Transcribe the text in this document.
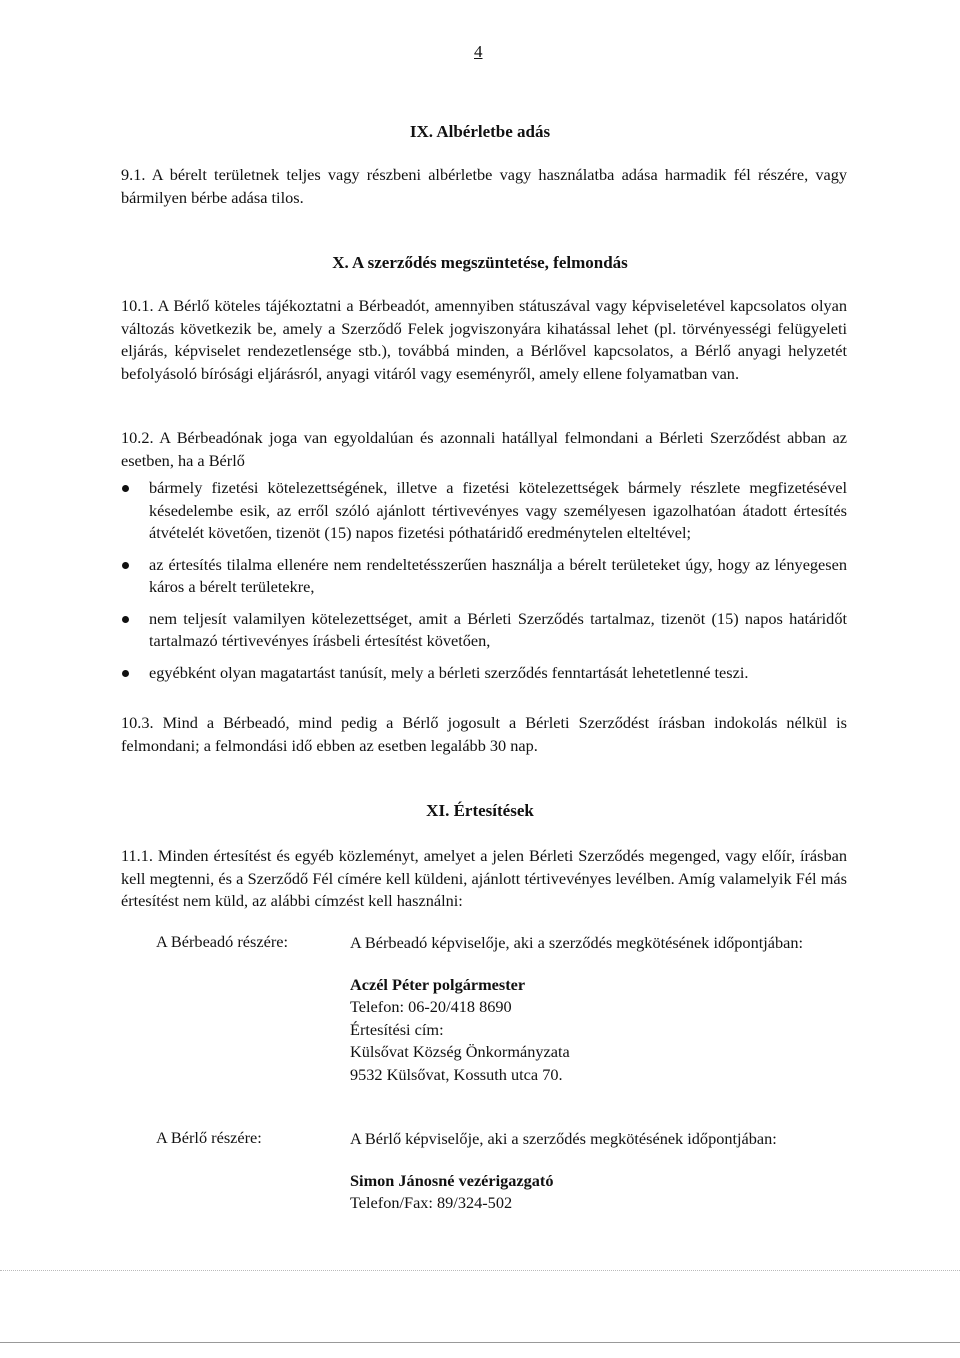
4
IX. Albérletbe adás

9.1. A bérelt területnek teljes vagy részbeni albérletbe vagy használatba adása harmadik fél részére, vagy bármilyen bérbe adása tilos.

X. A szerződés megszüntetése, felmondás

10.1. A Bérlő köteles tájékoztatni a Bérbeadót, amennyiben státuszával vagy képviseletével kapcsolatos olyan változás következik be, amely a Szerződő Felek jogviszonyára kihatással lehet (pl. törvényességi felügyeleti eljárás, képviselet rendezetlensége stb.), továbbá minden, a Bérlővel kapcsolatos, a Bérlő anyagi helyzetét befolyásoló bírósági eljárásról, anyagi vitáról vagy eseményről, amely ellene folyamatban van.

10.2. A Bérbeadónak joga van egyoldalúan és azonnali hatállyal felmondani a Bérleti Szerződést abban az esetben, ha a Bérlő

bármely fizetési kötelezettségének, illetve a fizetési kötelezettségek bármely részlete megfizetésével késedelembe esik, az erről szóló ajánlott tértivevényes vagy személyesen igazolhatóan átadott értesítés átvételét követően, tizenöt (15) napos fizetési póthatáridő eredménytelen elteltével;
az értesítés tilalma ellenére nem rendeltetésszerűen használja a bérelt területeket úgy, hogy az lényegesen káros a bérelt területekre,
nem teljesít valamilyen kötelezettséget, amit a Bérleti Szerződés tartalmaz, tizenöt (15) napos határidőt tartalmazó tértivevényes írásbeli értesítést követően,
egyébként olyan magatartást tanúsít, mely a bérleti szerződés fenntartását lehetetlenné teszi.

10.3. Mind a Bérbeadó, mind pedig a Bérlő jogosult a Bérleti Szerződést írásban indokolás nélkül is felmondani; a felmondási idő ebben az esetben legalább 30 nap.

XI. Értesítések

11.1. Minden értesítést és egyéb közleményt, amelyet a jelen Bérleti Szerződés megenged, vagy előír, írásban kell megtenni, és a Szerződő Fél címére kell küldeni, ajánlott tértivevényes levélben. Amíg valamelyik Fél más értesítést nem küld, az alábbi címzést kell használni:

A Bérbeadó részére:	A Bérbeadó képviselője, aki a szerződés megkötésének időpontjában:
Aczél Péter polgármester
Telefon: 06-20/418 8690
Értesítési cím:
Külsővat Község Önkormányzata
9532 Külsővat, Kossuth utca 70.
A Bérlő részére:	A Bérlő képviselője, aki a szerződés megkötésének időpontjában:
Simon Jánosné vezérigazgató
Telefon/Fax: 89/324-502
